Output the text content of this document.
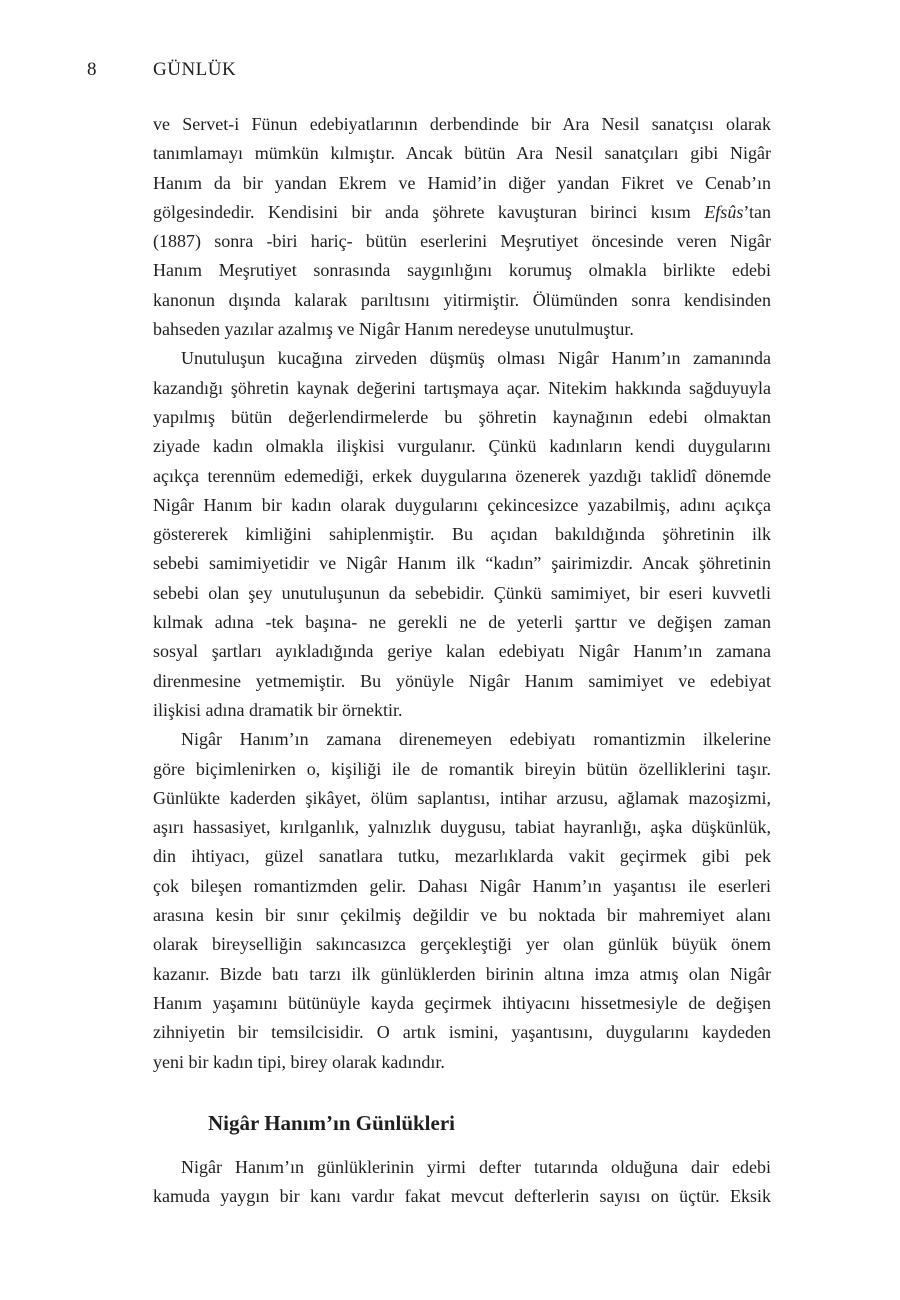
8	GÜNLÜK
ve Servet-i Fünun edebiyatlarının derbendinde bir Ara Nesil sanatçısı olarak
tanımlamayı mümkün kılmıştır. Ancak bütün Ara Nesil sanatçıları gibi Nigâr
Hanım da bir yandan Ekrem ve Hamid’in diğer yandan Fikret ve Cenab’ın
gölgesindedir. Kendisini bir anda şöhrete kavuşturan birinci kısım Efsûs’tan
(1887) sonra -biri hariç- bütün eserlerini Meşrutiyet öncesinde veren Nigâr
Hanım Meşrutiyet sonrasında saygınlığını korumuş olmakla birlikte edebi
kanonun dışında kalarak parıltısını yitirmiştir. Ölümünden sonra kendisinden
bahseden yazılar azalmış ve Nigâr Hanım neredeyse unutulmuştur.
Unutuluşun kucağına zirveden düşmüş olması Nigâr Hanım’ın zamanında
kazandığı şöhretin kaynak değerini tartışmaya açar. Nitekim hakkında sağduyuyla
yapılmış bütün değerlendirmelerde bu şöhretin kaynağının edebi olmaktan
ziyade kadın olmakla ilişkisi vurgulanır. Çünkü kadınların kendi duygularını
açıkça terennüm edemediği, erkek duygularına özenerek yazdığı taklidî dönemde
Nigâr Hanım bir kadın olarak duygularını çekincesizce yazabilmiş, adını açıkça
göstererek kimliğini sahiplenmiştir. Bu açıdan bakıldığında şöhretinin ilk
sebebi samimiyetidir ve Nigâr Hanım ilk “kadın” şairimizdir. Ancak şöhretinin
sebebi olan şey unutuluşunun da sebebidir. Çünkü samimiyet, bir eseri kuvvetli
kılmak adına -tek başına- ne gerekli ne de yeterli şarttır ve değişen zaman
sosyal şartları ayıkladığında geriye kalan edebiyatı Nigâr Hanım’ın zamana
direnmesine yetmemiştir. Bu yönüyle Nigâr Hanım samimiyet ve edebiyat
ilişkisi adına dramatik bir örnektir.
Nigâr Hanım’ın zamana direnemeyen edebiyatı romantizmin ilkelerine
göre biçimlenirken o, kişiliği ile de romantik bireyin bütün özelliklerini taşır.
Günlükte kaderden şikâyet, ölüm saplantısı, intihar arzusu, ağlamak mazoşizmi,
aşırı hassasiyet, kırılganlık, yalnızlık duygusu, tabiat hayranlığı, aşka düşkünlük,
din ihtiyacı, güzel sanatlara tutku, mezarlıklarda vakit geçirmek gibi pek
çok bileşen romantizmden gelir. Dahası Nigâr Hanım’ın yaşantısı ile eserleri
arasına kesin bir sınır çekilmiş değildir ve bu noktada bir mahremiyet alanı
olarak bireyselliğin sakıncasızca gerçekleştiği yer olan günlük büyük önem
kazanır. Bizde batı tarzı ilk günlüklerden birinin altına imza atmış olan Nigâr
Hanım yaşamını bütünüyle kayda geçirmek ihtiyacını hissetmesiyle de değişen
zihniyetin bir temsilcisidir. O artık ismini, yaşantısını, duygularını kaydeden
yeni bir kadın tipi, birey olarak kadındır.
Nigâr Hanım’ın Günlükleri
Nigâr Hanım’ın günlüklerinin yirmi defter tutarında olduğuna dair edebi
kamuda yaygın bir kanı vardır fakat mevcut defterlerin sayısı on üçtür. Eksik
